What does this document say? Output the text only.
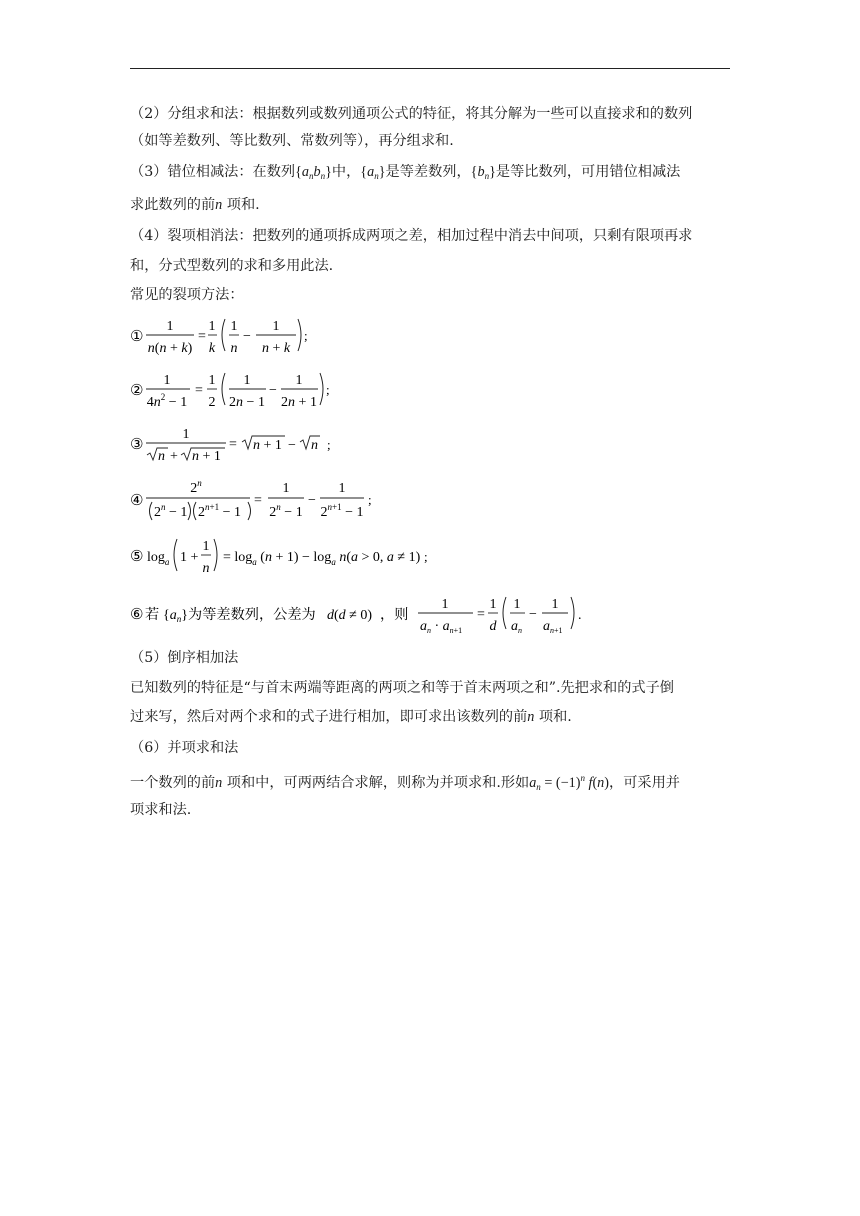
（2）分组求和法：根据数列或数列通项公式的特征，将其分解为一些可以直接求和的数列
（如等差数列、等比数列、常数列等），再分组求和.
（3）错位相减法：在数列$\{a_nb_n\}$中，$\{a_n\}$是等差数列，$\{b_n\}$是等比数列，可用错位相减法
求此数列的前n 项和.
（4）裂项相消法：把数列的通项拆成两项之差，相加过程中消去中间项，只剩有限项再求
和，分式型数列的求和多用此法.
常见的裂项方法：
①
1
n(n + k)
=
1
k
1
n
−
1
n + k
;
②
1
$4n^2 - 1$
=
1
2
1
2n − 1
−
1
2n + 1
;
③
1
n + n + 1
= n + 1 − n ;
④
2$^n$
$2^n - 1$ $2^{n+1} - 1$
=
1
$2^n - 1$
−
1
$2^{n+1} - 1$
;
⑤ $\log_a 1$ +
1
n
= $\log_a (n + 1) - \log_a n(a > 0$, a ≠ 1) ;
⑥ 若 $\{a_n\}$ 为等差数列，公差为 d(d ≠ 0) ，则
1
$a_n \cdot a_{n+1}$
=
1
d
1
$a_n$
−
1
$a_{n+1}$
.
（5）倒序相加法
已知数列的特征是“与首末两端等距离的两项之和等于首末两项之和”.先把求和的式子倒
过来写，然后对两个求和的式子进行相加，即可求出该数列的前n 项和.
（6）并项求和法
一个数列的前n 项和中，可两两结合求解，则称为并项求和.形如$a_n = (-1)^n$ f(n)，可采用并
项求和法.
